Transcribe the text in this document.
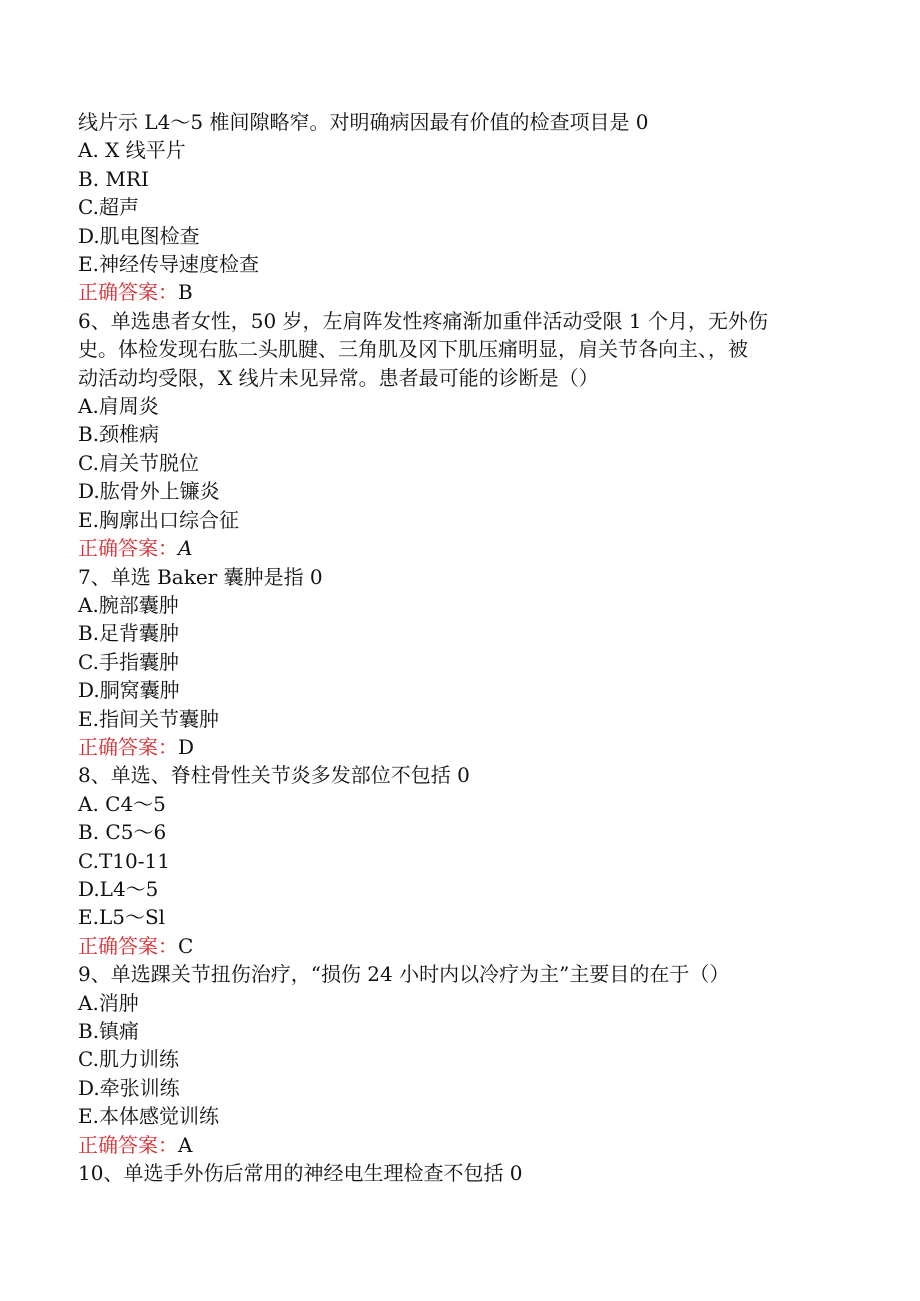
线片示 L4～5 椎间隙略窄。对明确病因最有价值的检查项目是 0

A. X 线平片

B. MRI

C.超声

D.肌电图检查

E.神经传导速度检查

正确答案：B

6、单选患者女性，50 岁，左肩阵发性疼痛渐加重伴活动受限 1 个月，无外伤

史。体检发现右肱二头肌腱、三角肌及冈下肌压痛明显，肩关节各向主、，被

动活动均受限，X 线片未见异常。患者最可能的诊断是（）

A.肩周炎

B.颈椎病

C.肩关节脱位

D.肱骨外上镰炎

E.胸廓出口综合征

正确答案：A

7、单选 Baker 囊肿是指 0

A.腕部囊肿

B.足背囊肿

C.手指囊肿

D.胴窝囊肿

E.指间关节囊肿

正确答案：D

8、单选、脊柱骨性关节炎多发部位不包括 0

A. C4～5

B. C5～6

C.T10-11

D.L4～5

E.L5～Sl

正确答案：C

9、单选踝关节扭伤治疗，“损伤 24 小时内以冷疗为主”主要目的在于（）

A.消肿

B.镇痛

C.肌力训练

D.牵张训练

E.本体感觉训练

正确答案：A

10、单选手外伤后常用的神经电生理检查不包括 0
